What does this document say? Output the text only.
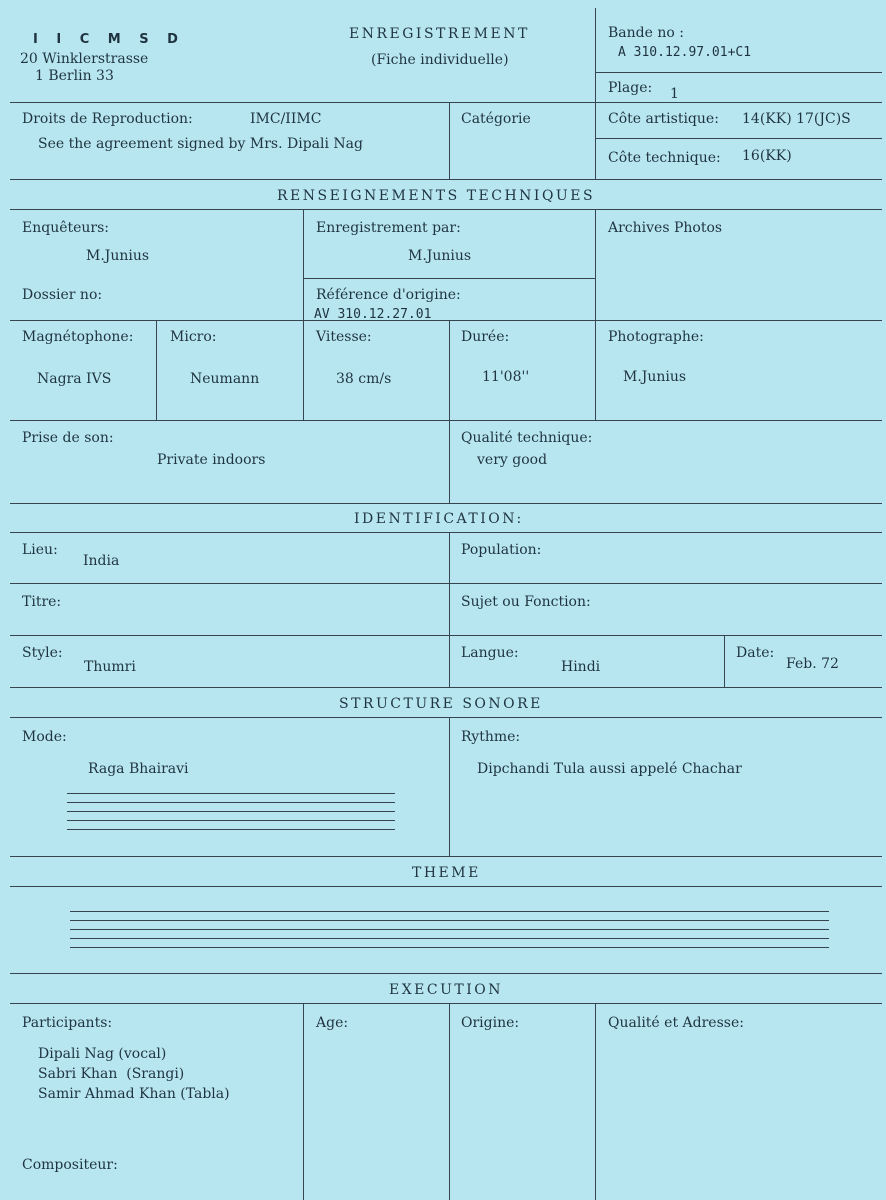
I I C M S D
20 Winklerstrasse
1 Berlin 33
ENREGISTREMENT
(Fiche individuelle)
Bande no :
A 310.12.97.01+C1
Plage: 1
Droits de Reproduction:	IMC/IIMC
See the agreement signed by Mrs. Dipali Nag
Catégorie	Côte artistique: 14(KK) 17(JC)S
Côte technique: 16(KK)
RENSEIGNEMENTS TECHNIQUES
Enquêteurs:
M.Junius
Enregistrement par:
M.Junius
Archives Photos
Dossier no:	Référence d'origine:
AV 310.12.27.01
Magnétophone:
Nagra IVS
Micro:
Neumann
Vitesse:
38 cm/s
Durée:
11'08''
Photographe:
M.Junius
Prise de son:
Private indoors
Qualité technique:
very good
IDENTIFICATION:
Lieu:
India
Population:
Titre:	Sujet ou Fonction:
Style:
Thumri
Langue:
Hindi
Date:
Feb. 72
STRUCTURE SONORE
Mode:
Raga Bhairavi
Rythme:
Dipchandi Tula aussi appelé Chachar
THEME
EXECUTION
Participants:
Dipali Nag (vocal)
Sabri Khan  (Srangi)
Samir Ahmad Khan (Tabla)
Age:	Origine:	Qualité et Adresse:
Compositeur:
